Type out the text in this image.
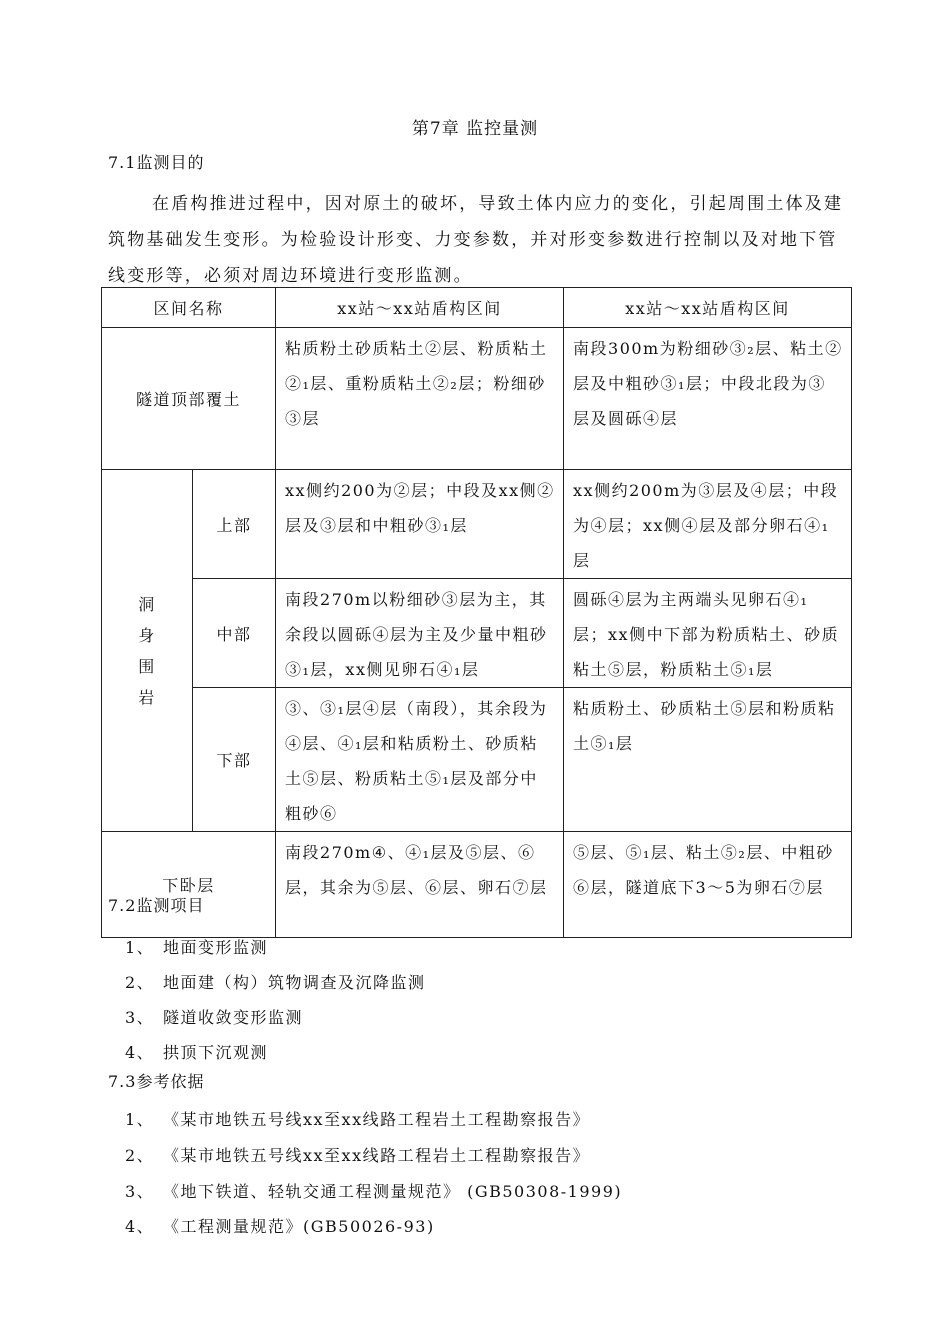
第7章 监控量测
7.1监测目的
在盾构推进过程中，因对原土的破坏，导致土体内应力的变化，引起周围土体及建筑物基础发生变形。为检验设计形变、力变参数，并对形变参数进行控制以及对地下管线变形等，必须对周边环境进行变形监测。
区间名称		xx站～xx站盾构区间	xx站～xx站盾构区间
隧道顶部覆土		粘质粉土砂质粘土②层、粉质粘土②₁层、重粉质粘土②₂层；粉细砂③层	南段300m为粉细砂③₂层、粘土②层及中粗砂③₁层；中段北段为③层及圆砾④层
洞身围岩	上部	xx侧约200为②层；中段及xx侧②层及③层和中粗砂③₁层	xx侧约200m为③层及④层；中段为④层；xx侧④层及部分卵石④₁层
	中部	南段270m以粉细砂③层为主，其余段以圆砾④层为主及少量中粗砂③₁层，xx侧见卵石④₁层	圆砾④层为主两端头见卵石④₁层；xx侧中下部为粉质粘土、砂质粘土⑤层，粉质粘土⑤₁层
	下部	③、③₁层④层（南段），其余段为④层、④₁层和粘质粉土、砂质粘土⑤层、粉质粘土⑤₁层及部分中粗砂⑥	粘质粉土、砂质粘土⑤层和粉质粘土⑤₁层
下卧层		南段270m④、④₁层及⑤层、⑥层，其余为⑤层、⑥层、卵石⑦层	⑤层、⑤₁层、粘土⑤₂层、中粗砂⑥层，隧道底下3～5为卵石⑦层
7.2监测项目
1、 地面变形监测
2、 地面建（构）筑物调查及沉降监测
3、 隧道收敛变形监测
4、 拱顶下沉观测
7.3参考依据
1、 《某市地铁五号线xx至xx线路工程岩土工程勘察报告》
2、 《某市地铁五号线xx至xx线路工程岩土工程勘察报告》
3、 《地下铁道、轻轨交通工程测量规范》 (GB50308-1999)
4、 《工程测量规范》(GB50026-93)
